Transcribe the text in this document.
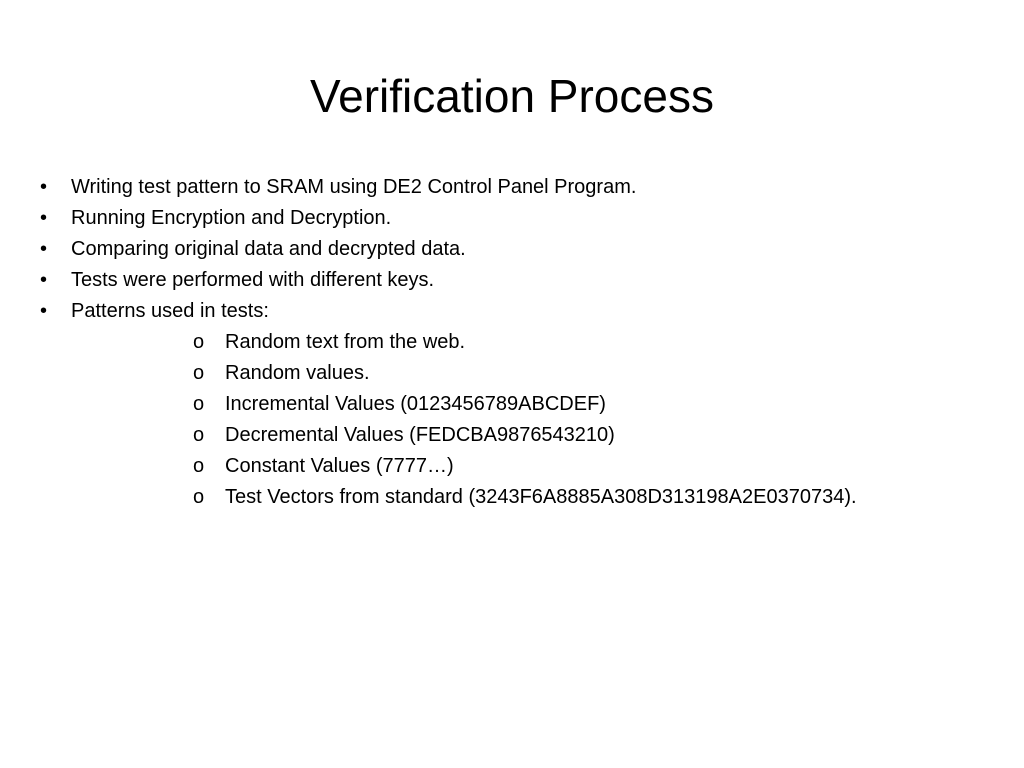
Verification Process
•	Writing test pattern to SRAM using DE2 Control Panel Program.
•	Running Encryption and Decryption.
•	Comparing original data and decrypted data.
•	Tests were performed with different keys.
•	Patterns used in tests:
o	Random text from the web.
o	Random values.
o	Incremental Values (0123456789ABCDEF)
o	Decremental Values (FEDCBA9876543210)
o	Constant Values (7777…)
o	Test Vectors from standard (3243F6A8885A308D313198A2E0370734).
